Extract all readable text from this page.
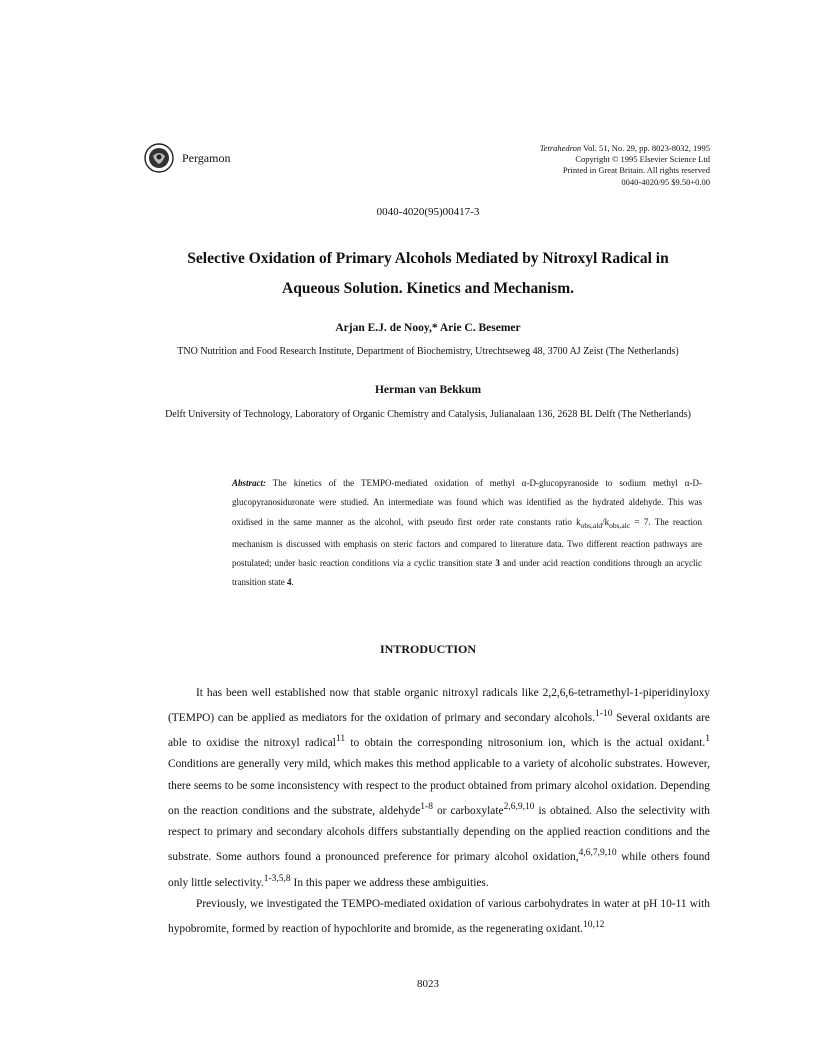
Pergamon
Tetrahedron Vol. 51, No. 29, pp. 8023-8032, 1995
Copyright © 1995 Elsevier Science Ltd
Printed in Great Britain. All rights reserved
0040-4020/95 $9.50+0.00
0040-4020(95)00417-3
Selective Oxidation of Primary Alcohols Mediated by Nitroxyl Radical in
Aqueous Solution. Kinetics and Mechanism.
Arjan E.J. de Nooy,* Arie C. Besemer
TNO Nutrition and Food Research Institute, Department of Biochemistry, Utrechtseweg 48, 3700 AJ Zeist (The Netherlands)
Herman van Bekkum
Delft University of Technology, Laboratory of Organic Chemistry and Catalysis, Julianalaan 136, 2628 BL Delft (The Netherlands)
Abstract: The kinetics of the TEMPO-mediated oxidation of methyl α-D-glucopyranoside to sodium methyl α-D-glucopyranosiduronate were studied. An intermediate was found which was identified as the hydrated aldehyde. This was oxidised in the same manner as the alcohol, with pseudo first order rate constants ratio $k_{obs,ald}/k_{obs,alc} = 7$. The reaction mechanism is discussed with emphasis on steric factors and compared to literature data. Two different reaction pathways are postulated; under basic reaction conditions via a cyclic transition state 3 and under acid reaction conditions through an acyclic transition state 4.
INTRODUCTION

It has been well established now that stable organic nitroxyl radicals like 2,2,6,6-tetramethyl-1-piperidinyloxy (TEMPO) can be applied as mediators for the oxidation of primary and secondary alcohols.$^{1-10}$ Several oxidants are able to oxidise the nitroxyl radical$^{11}$ to obtain the corresponding nitrosonium ion, which is the actual oxidant.$^1$ Conditions are generally very mild, which makes this method applicable to a variety of alcoholic substrates. However, there seems to be some inconsistency with respect to the product obtained from primary alcohol oxidation. Depending on the reaction conditions and the substrate, aldehyde$^{1-8}$ or carboxylate$^{2,6,9,10}$ is obtained. Also the selectivity with respect to primary and secondary alcohols differs substantially depending on the applied reaction conditions and the substrate. Some authors found a pronounced preference for primary alcohol oxidation,$^{4,6,7,9,10}$ while others found only little selectivity.$^{1-3,5,8}$ In this paper we address these ambiguities.

Previously, we investigated the TEMPO-mediated oxidation of various carbohydrates in water at pH 10-11 with hypobromite, formed by reaction of hypochlorite and bromide, as the regenerating oxidant.$^{10,12}$

8023
